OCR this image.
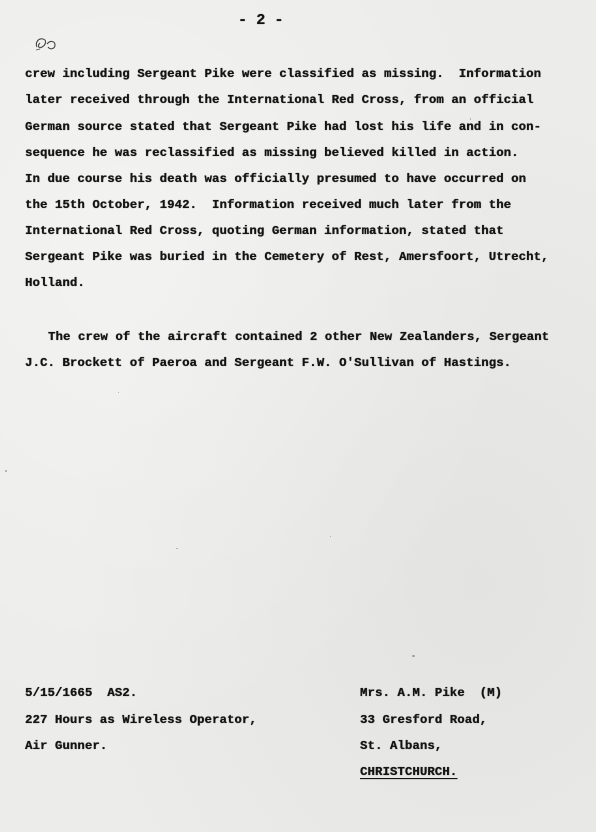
- 2 -
crew including Sergeant Pike were classified as missing.  Information
later received through the International Red Cross, from an official
German source stated that Sergeant Pike had lost his life and in con-
sequence he was reclassified as missing believed killed in action.
In due course his death was officially presumed to have occurred on
the 15th October, 1942.  Information received much later from the
International Red Cross, quoting German information, stated that
Sergeant Pike was buried in the Cemetery of Rest, Amersfoort, Utrecht,
Holland.
The crew of the aircraft contained 2 other New Zealanders, Sergeant
J.C. Brockett of Paeroa and Sergeant F.W. O'Sullivan of Hastings.
5/15/1665  AS2.
227 Hours as Wireless Operator,
Air Gunner.
Mrs. A.M. Pike  (M)
33 Gresford Road,
St. Albans,
CHRISTCHURCH.
